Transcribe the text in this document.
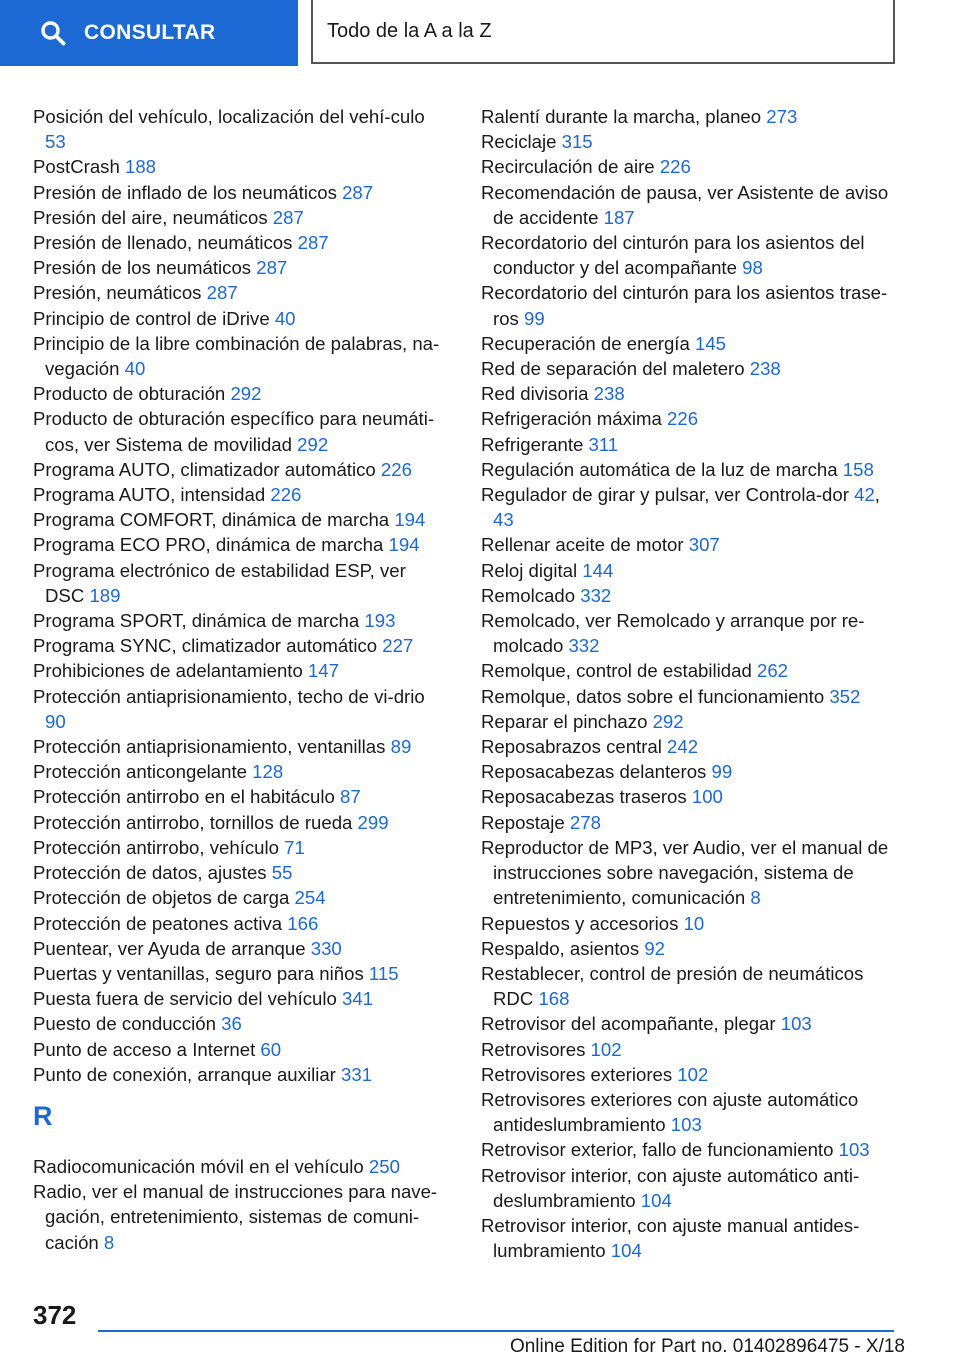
CONSULTAR	Todo de la A a la Z
Posición del vehículo, localización del vehí‐culo 53
PostCrash 188
Presión de inflado de los neumáticos 287
Presión del aire, neumáticos 287
Presión de llenado, neumáticos 287
Presión de los neumáticos 287
Presión, neumáticos 287
Principio de control de iDrive 40
Principio de la libre combinación de palabras, na‐vegación 40
Producto de obturación 292
Producto de obturación específico para neumáti‐cos, ver Sistema de movilidad 292
Programa AUTO, climatizador automático 226
Programa AUTO, intensidad 226
Programa COMFORT, dinámica de marcha 194
Programa ECO PRO, dinámica de marcha 194
Programa electrónico de estabilidad ESP, ver DSC 189
Programa SPORT, dinámica de marcha 193
Programa SYNC, climatizador automático 227
Prohibiciones de adelantamiento 147
Protección antiaprisionamiento, techo de vi‐drio 90
Protección antiaprisionamiento, ventanillas 89
Protección anticongelante 128
Protección antirrobo en el habitáculo 87
Protección antirrobo, tornillos de rueda 299
Protección antirrobo, vehículo 71
Protección de datos, ajustes 55
Protección de objetos de carga 254
Protección de peatones activa 166
Puentear, ver Ayuda de arranque 330
Puertas y ventanillas, seguro para niños 115
Puesta fuera de servicio del vehículo 341
Puesto de conducción 36
Punto de acceso a Internet 60
Punto de conexión, arranque auxiliar 331
R
Radiocomunicación móvil en el vehículo 250
Radio, ver el manual de instrucciones para nave‐gación, entretenimiento, sistemas de comuni‐cación 8
Ralentí durante la marcha, planeo 273
Reciclaje 315
Recirculación de aire 226
Recomendación de pausa, ver Asistente de aviso de accidente 187
Recordatorio del cinturón para los asientos del conductor y del acompañante 98
Recordatorio del cinturón para los asientos trase‐ros 99
Recuperación de energía 145
Red de separación del maletero 238
Red divisoria 238
Refrigeración máxima 226
Refrigerante 311
Regulación automática de la luz de marcha 158
Regulador de girar y pulsar, ver Controla‐dor 42, 43
Rellenar aceite de motor 307
Reloj digital 144
Remolcado 332
Remolcado, ver Remolcado y arranque por re‐molcado 332
Remolque, control de estabilidad 262
Remolque, datos sobre el funcionamiento 352
Reparar el pinchazo 292
Reposabrazos central 242
Reposacabezas delanteros 99
Reposacabezas traseros 100
Repostaje 278
Reproductor de MP3, ver Audio, ver el manual de instrucciones sobre navegación, sistema de entretenimiento, comunicación 8
Repuestos y accesorios 10
Respaldo, asientos 92
Restablecer, control de presión de neumáticos RDC 168
Retrovisor del acompañante, plegar 103
Retrovisores 102
Retrovisores exteriores 102
Retrovisores exteriores con ajuste automático antideslumbramiento 103
Retrovisor exterior, fallo de funcionamiento 103
Retrovisor interior, con ajuste automático anti‐deslumbramiento 104
Retrovisor interior, con ajuste manual antides‐lumbramiento 104
372
Online Edition for Part no. 01402896475 - X/18
